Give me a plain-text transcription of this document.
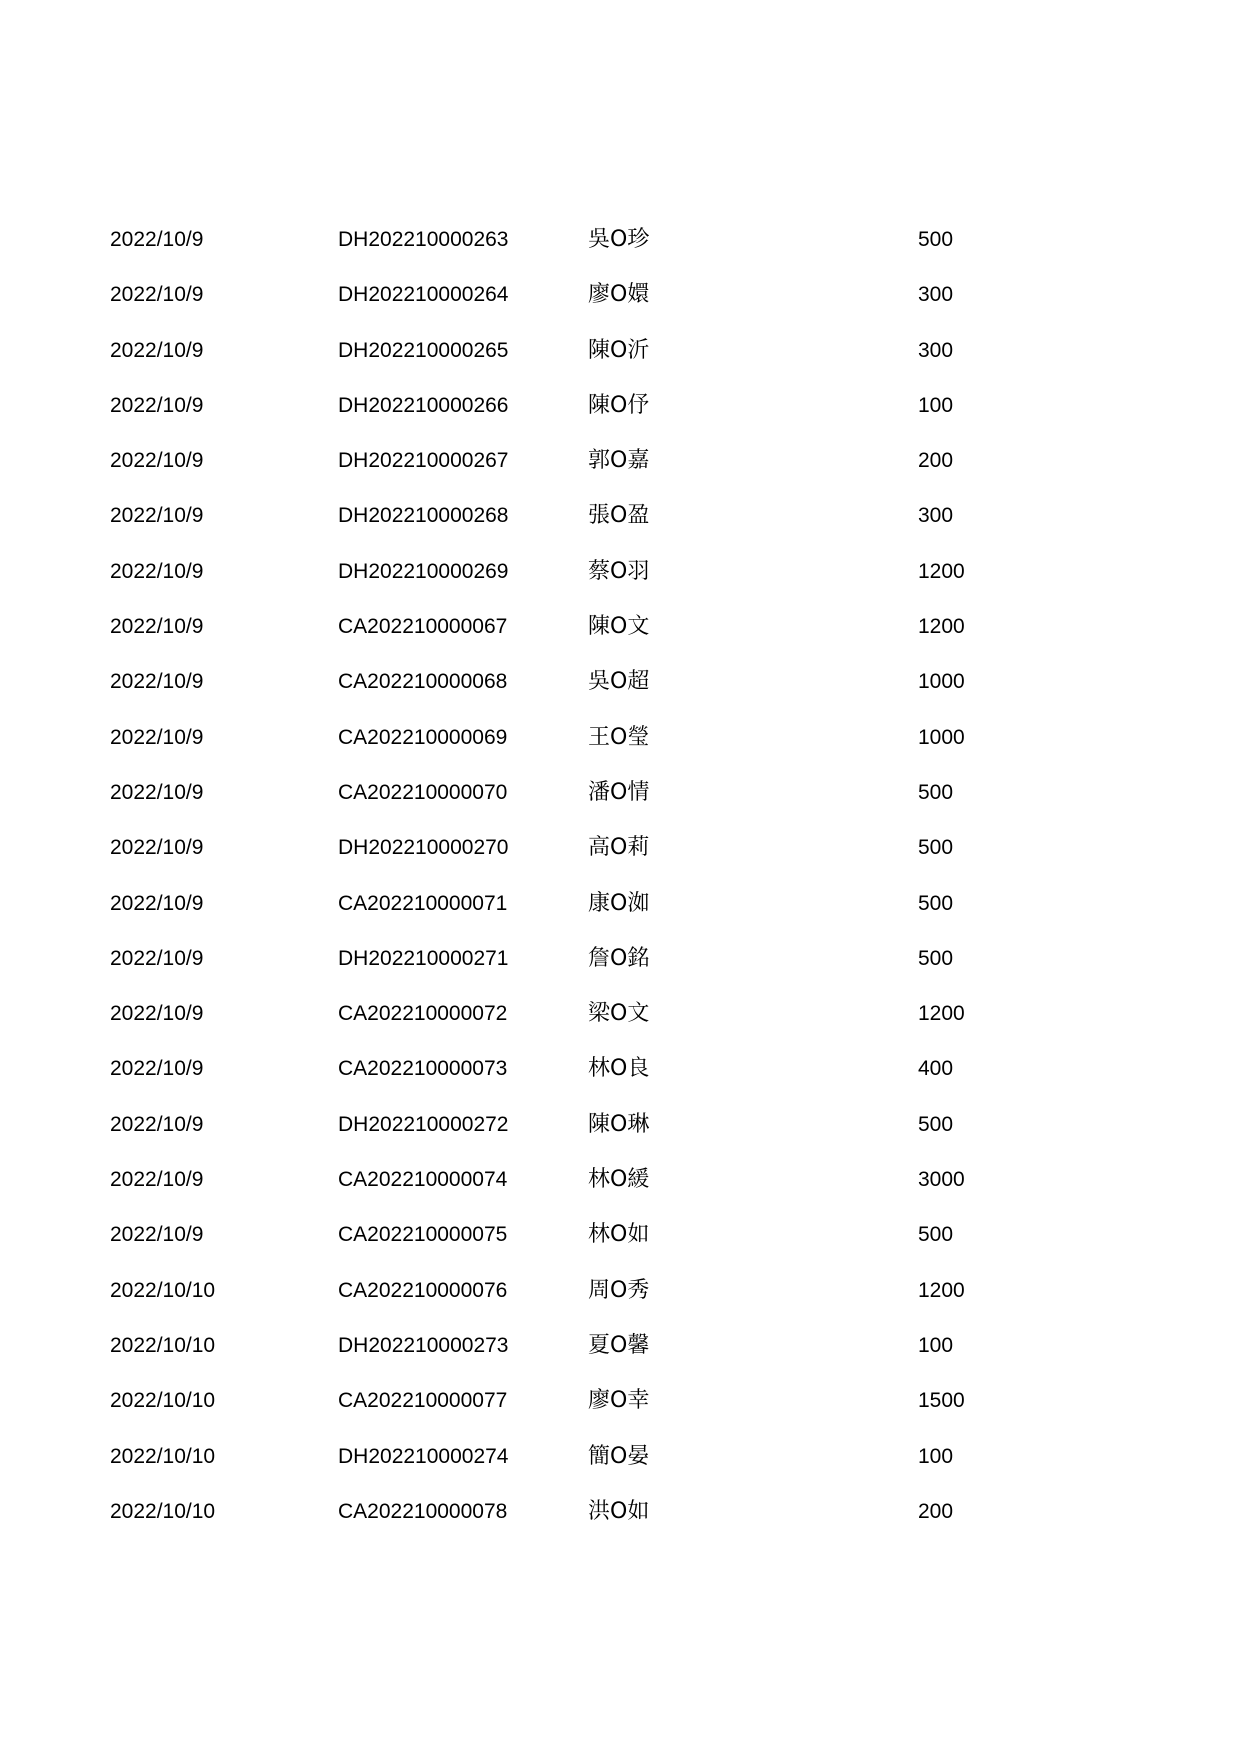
2022/10/9	DH202210000263	吳O珍	500
2022/10/9	DH202210000264	廖O嬛	300
2022/10/9	DH202210000265	陳O沂	300
2022/10/9	DH202210000266	陳O伃	100
2022/10/9	DH202210000267	郭O嘉	200
2022/10/9	DH202210000268	張O盈	300
2022/10/9	DH202210000269	蔡O羽	1200
2022/10/9	CA202210000067	陳O文	1200
2022/10/9	CA202210000068	吳O超	1000
2022/10/9	CA202210000069	王O瑩	1000
2022/10/9	CA202210000070	潘O情	500
2022/10/9	DH202210000270	高O莉	500
2022/10/9	CA202210000071	康O洳	500
2022/10/9	DH202210000271	詹O銘	500
2022/10/9	CA202210000072	梁O文	1200
2022/10/9	CA202210000073	林O良	400
2022/10/9	DH202210000272	陳O琳	500
2022/10/9	CA202210000074	林O緩	3000
2022/10/9	CA202210000075	林O如	500
2022/10/10	CA202210000076	周O秀	1200
2022/10/10	DH202210000273	夏O馨	100
2022/10/10	CA202210000077	廖O幸	1500
2022/10/10	DH202210000274	簡O晏	100
2022/10/10	CA202210000078	洪O如	200
